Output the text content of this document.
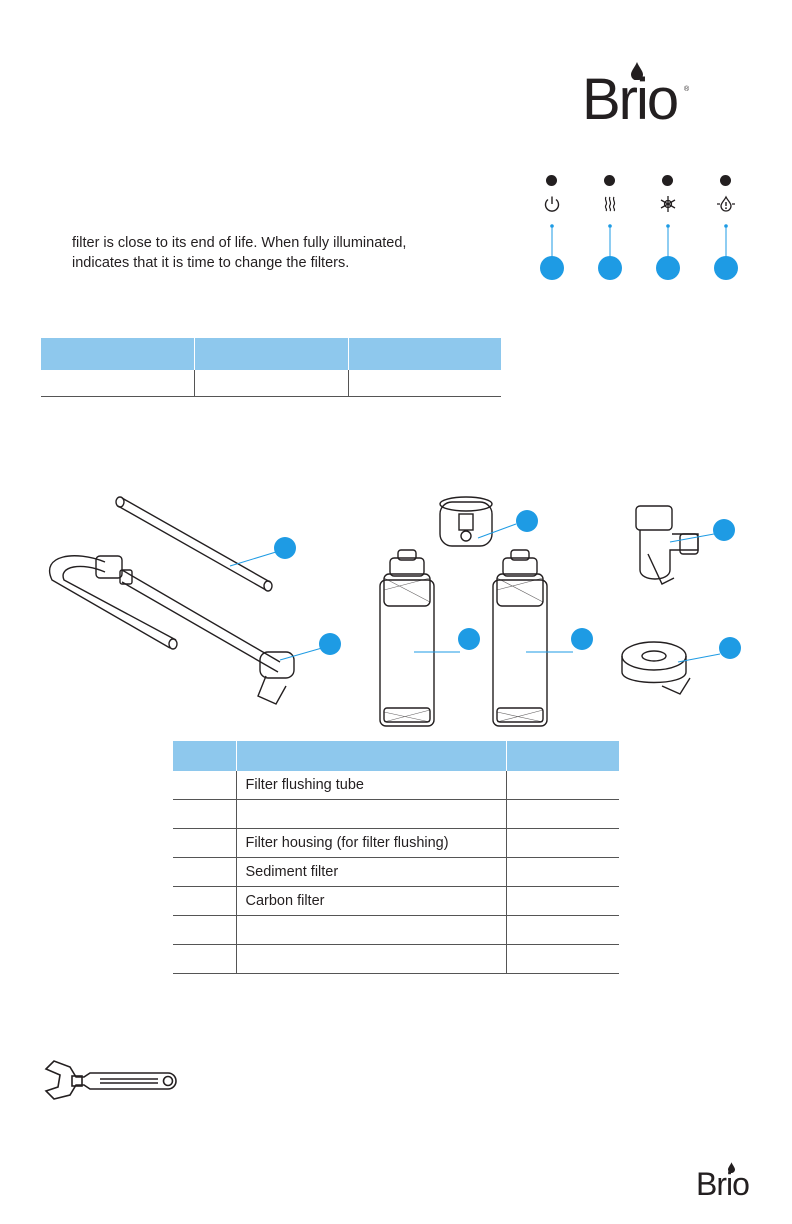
Brio ®
filter is close to its end of life. When fully illuminated,
indicates that it is time to change the filters.

	Filter flushing tube	

	Filter housing (for filter flushing)	
	Sediment filter	
	Carbon filter	

Brio
